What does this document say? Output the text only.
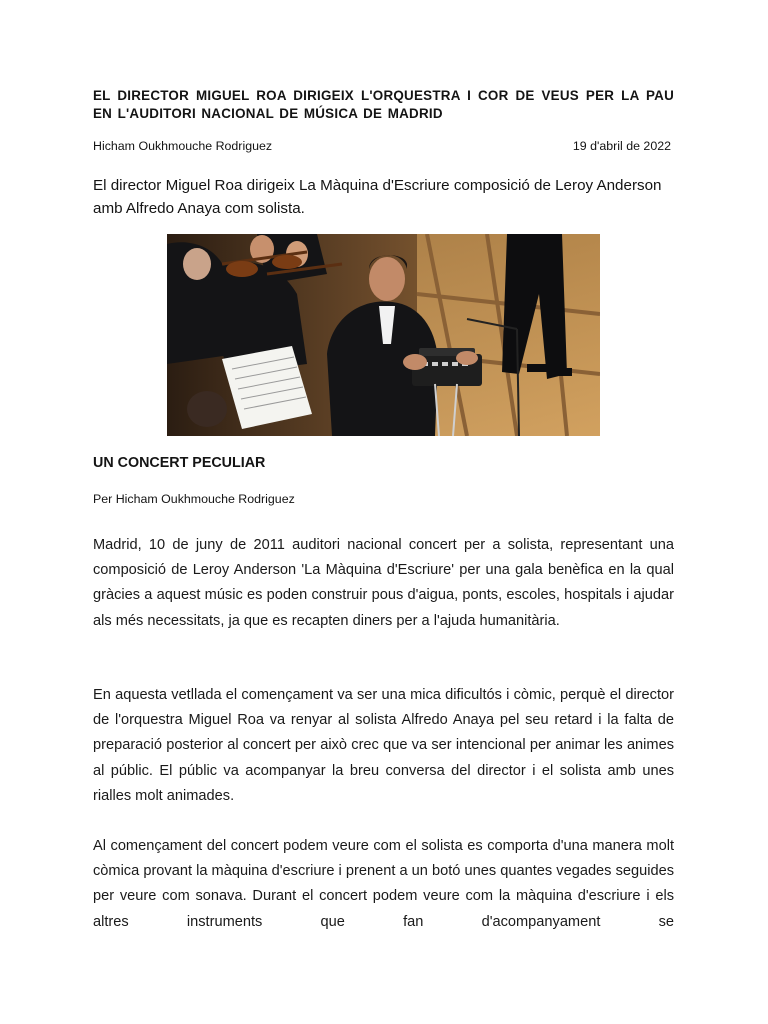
EL DIRECTOR MIGUEL ROA DIRIGEIX L'ORQUESTRA I COR DE VEUS PER LA PAU EN L'AUDITORI NACIONAL DE MÚSICA DE MADRID
Hicham Oukhmouche Rodriguez	19 d'abril de 2022

El director Miguel Roa dirigeix La Màquina d'Escriure composició de Leroy Anderson amb Alfredo Anaya com solista.

UN CONCERT PECULIAR
Per Hicham Oukhmouche Rodriguez

Madrid, 10 de juny de 2011 auditori nacional concert per a solista, representant una composició de Leroy Anderson 'La Màquina d'Escriure' per una gala benèfica en la qual gràcies a aquest músic es poden construir pous d'aigua, ponts, escoles, hospitals i ajudar als més necessitats, ja que es recapten diners per a l'ajuda humanitària.

En aquesta vetllada el començament va ser una mica dificultós i còmic, perquè el director de l'orquestra Miguel Roa va renyar al solista Alfredo Anaya pel seu retard i la falta de preparació posterior al concert per això crec que va ser intencional per animar les animes al públic. El públic va acompanyar la breu conversa del director i el solista amb unes rialles molt animades.

Al començament del concert podem veure com el solista es comporta d'una manera molt còmica provant la màquina d'escriure i prenent a un botó unes quantes vegades seguides per veure com sonava. Durant el concert podem veure com la màquina d'escriure i els altres instruments que fan d'acompanyament se
